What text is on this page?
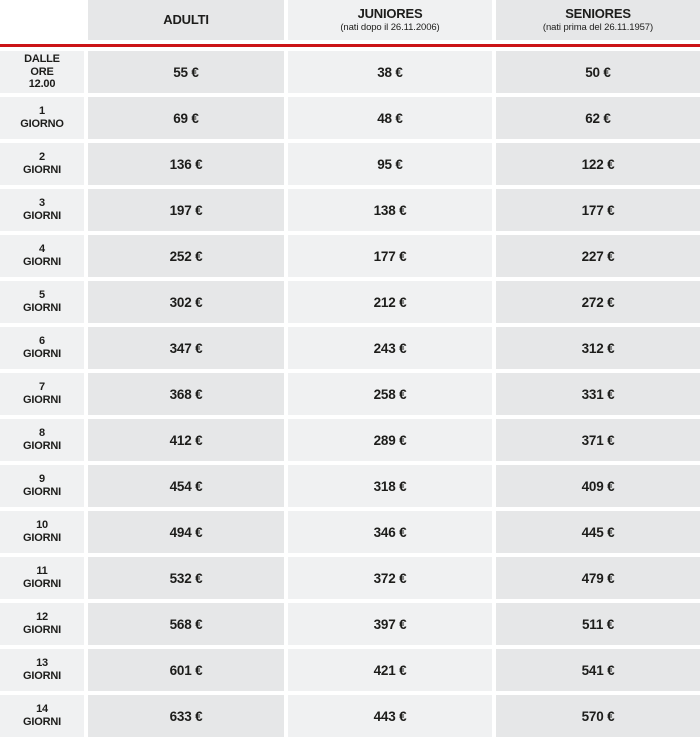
ADULTI	JUNIORES
(nati dopo il 26.11.2006)
SENIORES
(nati prima del 26.11.1957)
DALLE
ORE
12.00
55 €	38 €	50 €
1
GIORNO	69 €	48 €	62 €
2
GIORNI	136 €	95 €	122 €
3
GIORNI	197 €	138 €	177 €
4
GIORNI	252 €	177 €	227 €
5
GIORNI	302 €	212 €	272 €
6
GIORNI	347 €	243 €	312 €
7
GIORNI	368 €	258 €	331 €
8
GIORNI	412 €	289 €	371 €
9
GIORNI	454 €	318 €	409 €
10
GIORNI	494 €	346 €	445 €
11
GIORNI	532 €	372 €	479 €
12
GIORNI	568 €	397 €	511 €
13
GIORNI	601 €	421 €	541 €
14
GIORNI	633 €	443 €	570 €
